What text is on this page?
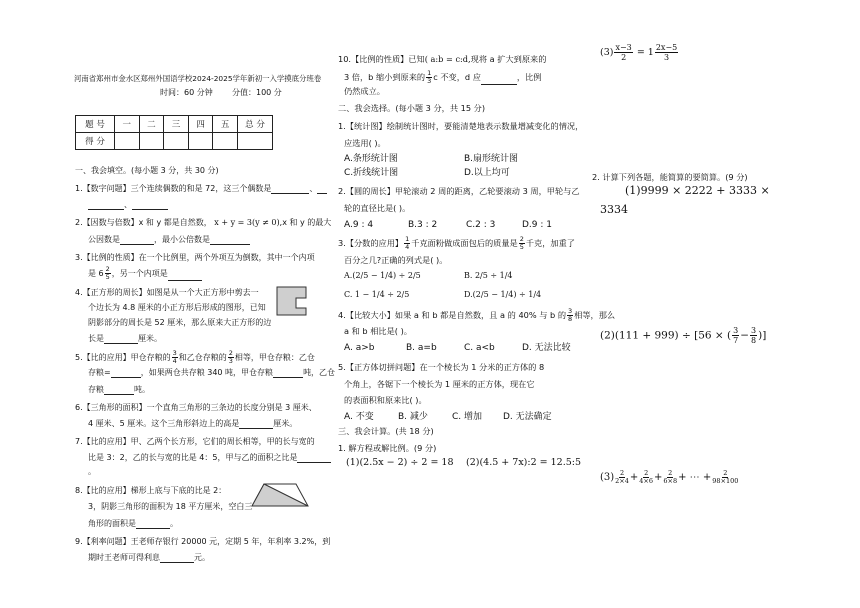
河南省郑州市金水区郑州外国语学校2024-2025学年新初一入学摸底分班卷
时间：60 分钟 分值：100 分
题 号	一	二	三	四	五	总 分
得 分						
一、我会填空。(每小题 3 分，共 30 分)
1.【数字问题】三个连续偶数的和是 72，这三个偶数是	、
、
2.【因数与倍数】x 和 y 都是自然数， x + y = 3(y ≠ 0),x 和 y 的最大
公因数是	，最小公倍数是
3.【比例的性质】在一个比例里，两个外项互为倒数，其中一个内项
是 $6 \frac{2}{5}$ ，另一个内项是
4.【正方形的周长】如图是从一个大正方形中剪去一
个边长为 4.8 厘米的小正方形后形成的图形，已知
阴影部分的周长是 52 厘米，那么原来大正方形的边
长是	厘米。
5.【比的应用】甲仓存粮的 $\frac{3}{4}$ 和乙仓存粮的 $\frac{2}{3}$ 相等，甲仓存粮：乙仓
存粮=	，如果两仓共存粮 340 吨，甲仓存粮	吨，乙仓
存粮	吨。
6.【三角形的面积】一个直角三角形的三条边的长度分别是 3 厘米、
4 厘米、5 厘米。这个三角形斜边上的高是	厘米。
7.【比的应用】甲、乙两个长方形，它们的周长相等，甲的长与宽的
比是 3：2，乙的长与宽的比是 4：5，甲与乙的面积之比是
。
8.【比的应用】梯形上底与下底的比是 2：
3，阴影三角形的面积为 18 平方厘米，空白三
角形的面积是	。
9.【利率问题】王老师存银行 20000 元，定期 5 年，年利率 3.2%，到
期时王老师可得利息	元。
10.【比例的性质】已知( a:b = c:d,现将 a 扩大到原来的
3 倍，b 缩小到原来的 $\frac{1}{3}$ c 不变，d 应	，比例
仍然成立。
二、我会选择。(每小题 3 分，共 15 分)
1.【统计图】绘制统计图时，要能清楚地表示数量增减变化的情况，
应选用( )。
A.条形统计图	B.扇形统计图
C.折线统计图	D.以上均可
2.【圆的周长】甲轮滚动 2 周的距离，乙轮要滚动 3 周，甲轮与乙
轮的直径比是( )。
A.9 : 4	B.3 : 2	C.2 : 3	D.9 : 1
3.【分数的应用】 $\frac{1}{4}$ 千克面粉做成面包后的质量是 $\frac{2}{5}$ 千克，加重了
百分之几?正确的列式是( )。
A.(2/5 − 1/4) ÷ 2/5	B. 2/5 ÷ 1/4
C. 1 − 1/4 ÷ 2/5	D.(2/5 − 1/4) ÷ 1/4
4.【比较大小】如果 a 和 b 都是自然数，且 a 的 40% 与 b 的 $\frac{3}{8}$ 相等，那么
a 和 b 相比是( )。
A. a>b	B. a=b	C. a<b	D. 无法比较
5.【正方体切拼问题】在一个棱长为 1 分米的正方体的 8
个角上，各锯下一个棱长为 1 厘米的正方体，现在它
的表面积和原来比( )。
A. 不变	B. 减少	C. 增加 D. 无法确定
三、我会计算。(共 18 分)
1. 解方程或解比例。(9 分)
(1)(2.5x − 2) ÷ 2 = 18 (2)(4.5 + 7x):2 = 12.5:5
$(3) \frac{x-3}{2} = 1 \frac{2x-5}{3}$
2. 计算下列各题，能简算的要简算。(9 分)
(1)9999 × 2222 + 3333 ×
3334
(2)(111 + 999) ÷ [56 × ( $\frac{3}{7} - \frac{3}{8}$ )]
$(3) \frac{2}{2\times 4} + \frac{2}{4\times 6} + \frac{2}{6\times 8}$ + ⋯ + $\frac{2}{98\times 100}$
